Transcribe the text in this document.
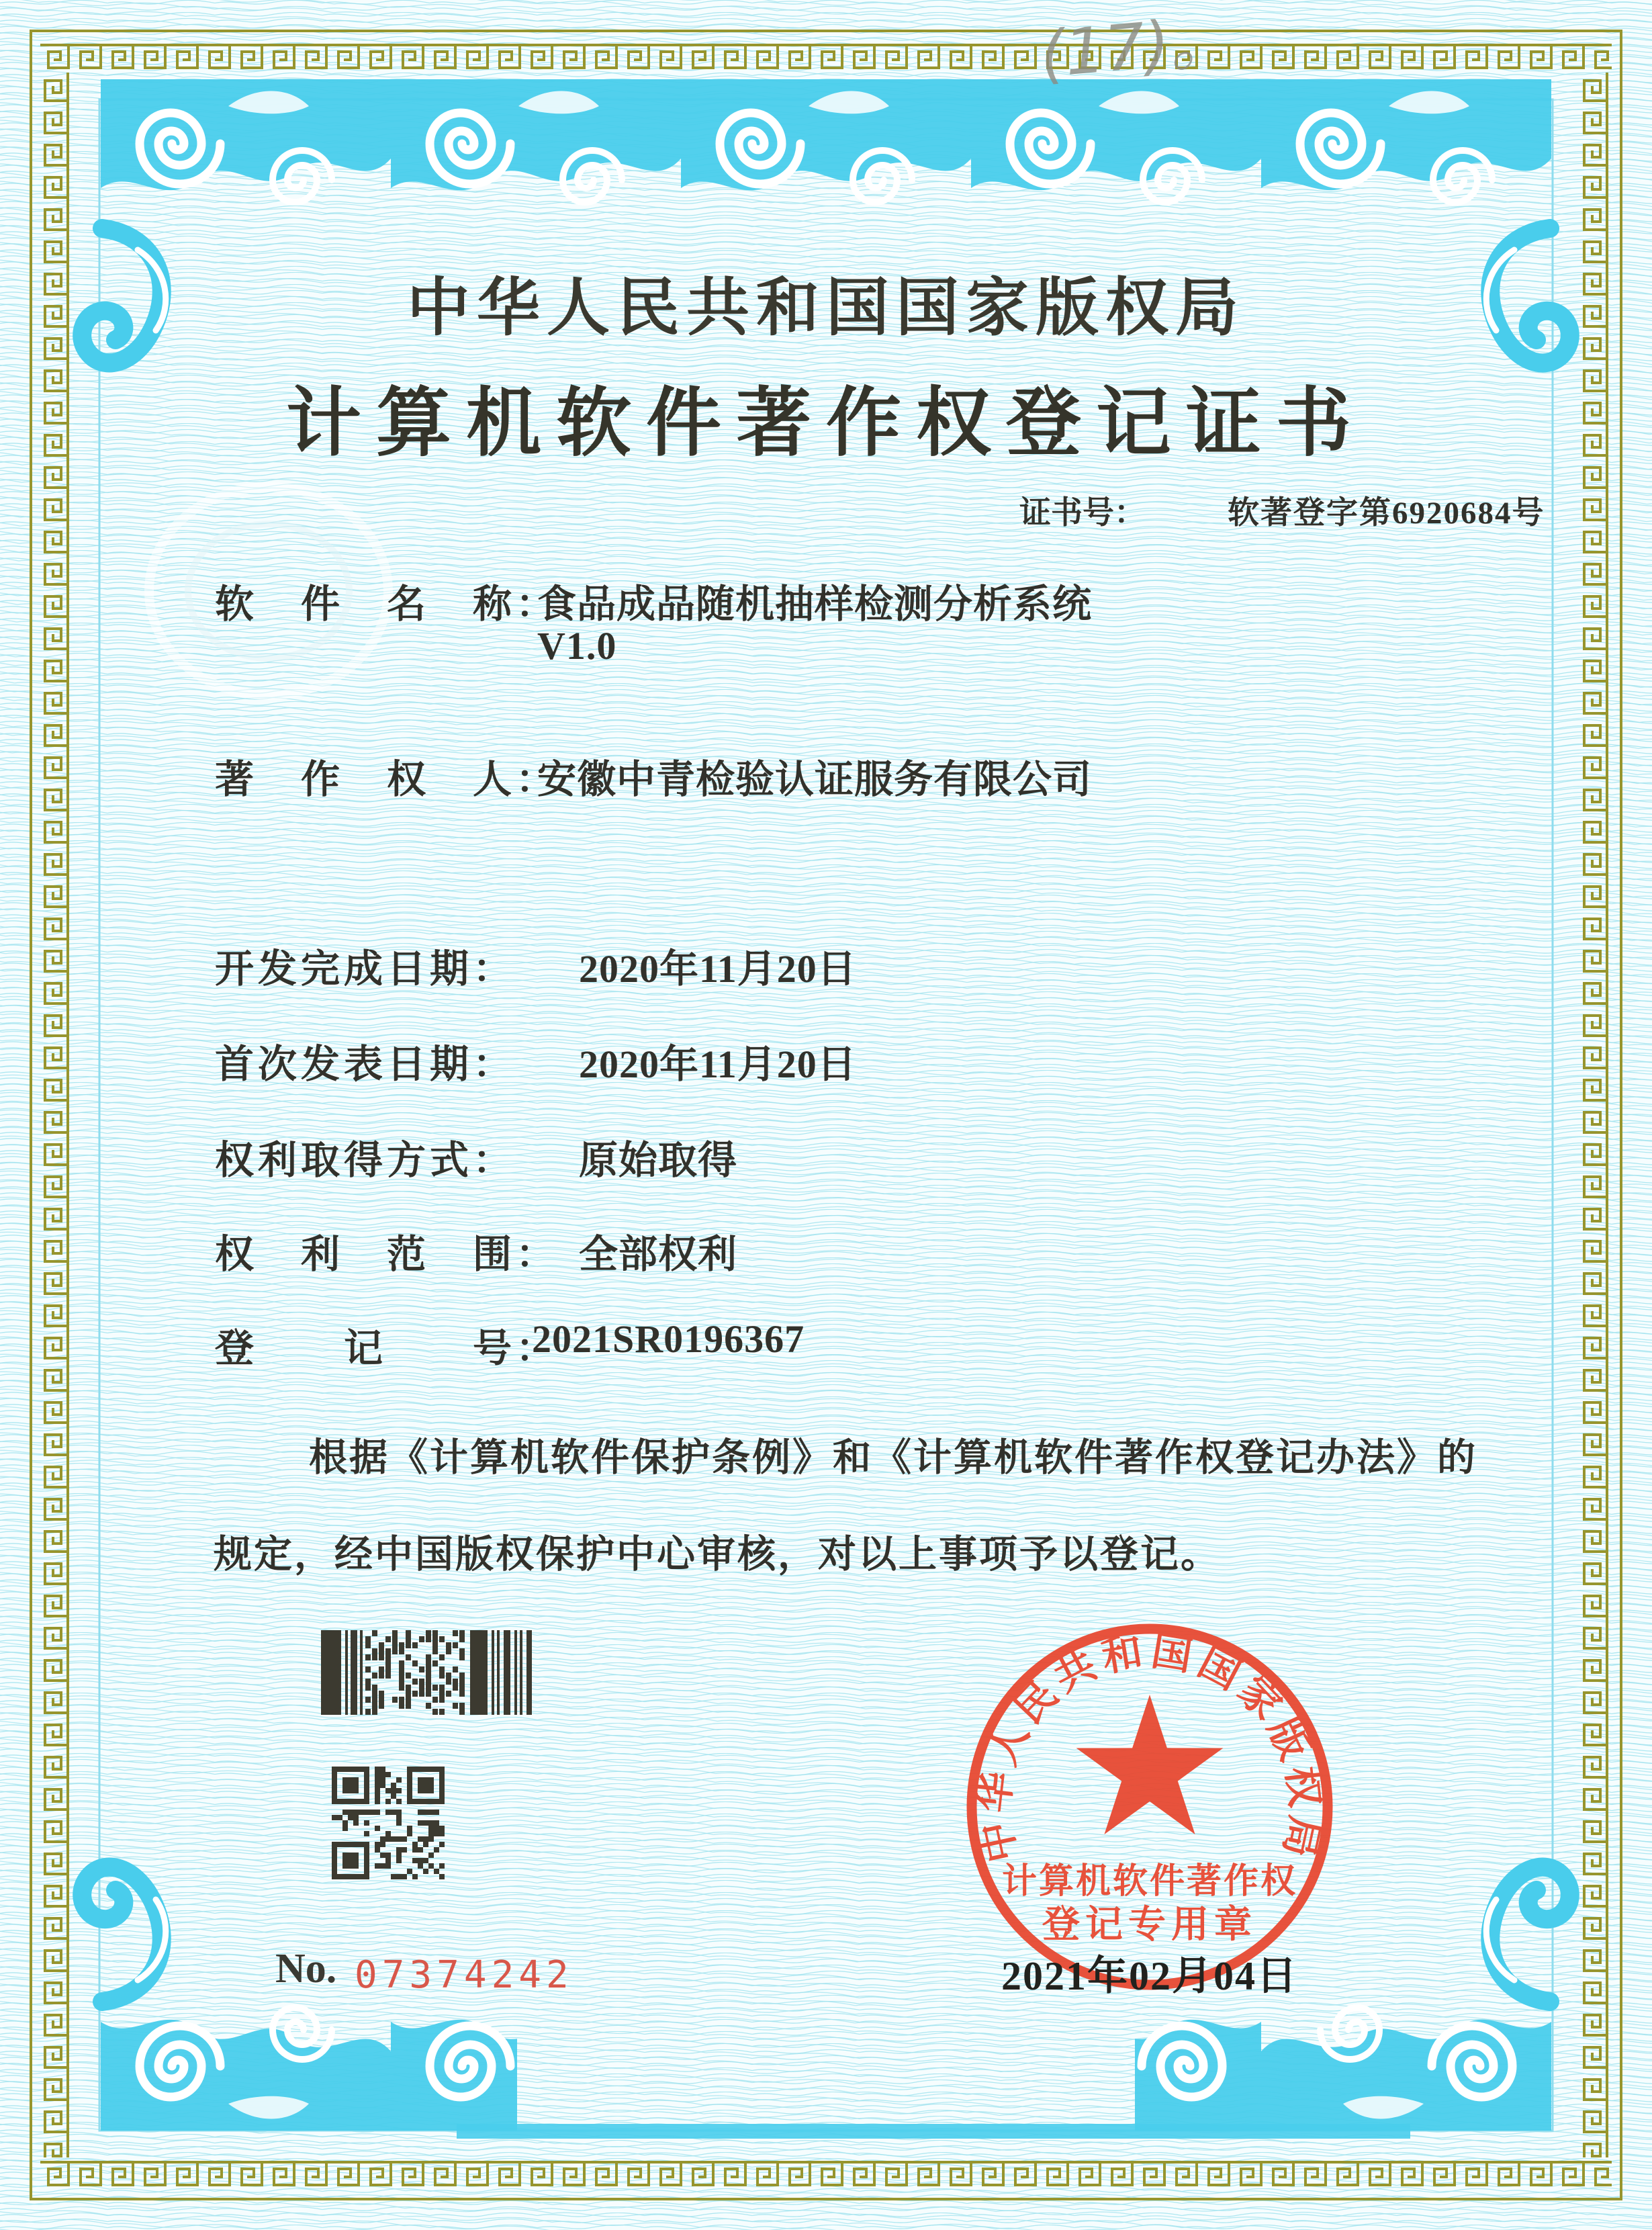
(17)。
中华人民共和国国家版权局
计算机软件著作权登记证书
证书号：	软著登字第6920684号
软　件　名　称：
食品成品随机抽样检测分析系统
V1.0
著　作　权　人：
安徽中青检验认证服务有限公司
开发完成日期： 2020年11月20日
首次发表日期： 2020年11月20日
权利取得方式： 原始取得
权　利　范　围： 全部权利
登　　记　　号：
2021SR0196367
根据《计算机软件保护条例》和《计算机软件著作权登记办法》的
规定，经中国版权保护中心审核，对以上事项予以登记。
No. 07374242
中华人民共和国国家版权局
计算机软件著作权
登记专用章
2021年02月04日
